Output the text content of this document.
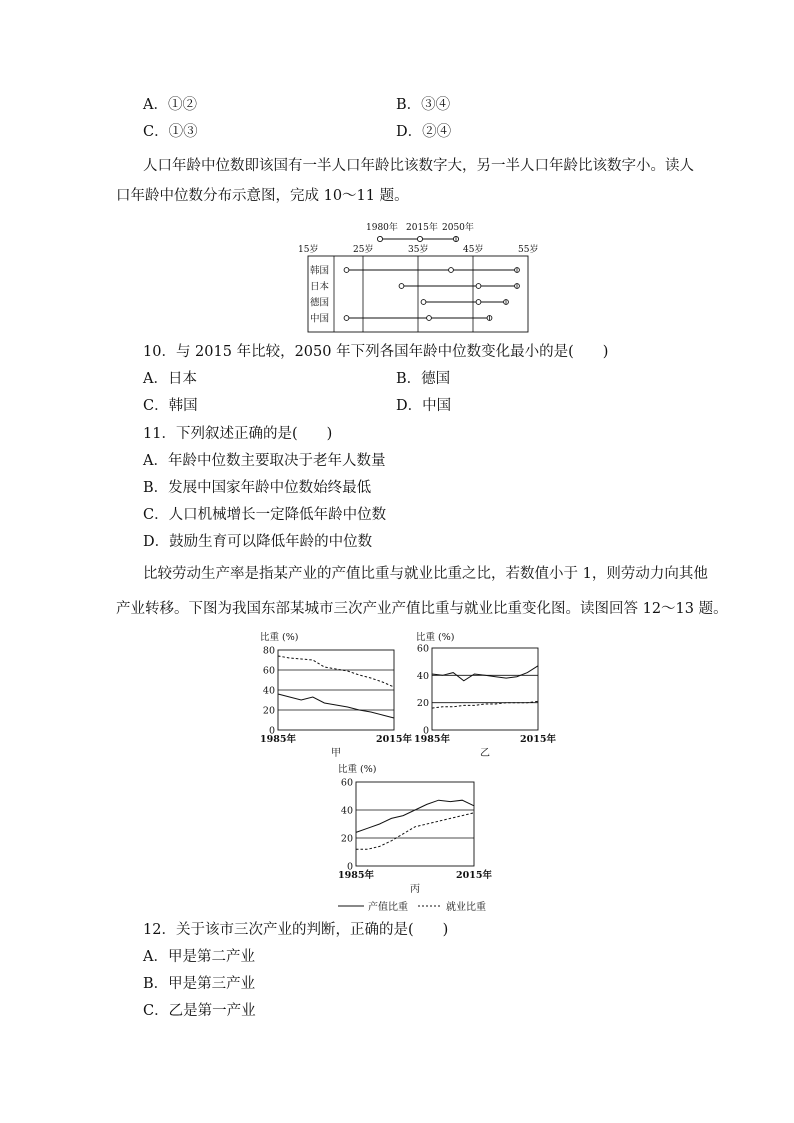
A．①②	B．③④
C．①③	D．②④
人口年龄中位数即该国有一半人口年龄比该数字大，另一半人口年龄比该数字小。读人
口年龄中位数分布示意图，完成 10～11 题。
1980年 2015年 2050年
15岁	25岁	35岁	45岁	55岁
韩国
日本
德国
中国
10．与 2015 年比较，2050 年下列各国年龄中位数变化最小的是(　　)
A．日本	B．德国
C．韩国	D．中国
11．下列叙述正确的是(　　)
A．年龄中位数主要取决于老年人数量
B．发展中国家年龄中位数始终最低
C．人口机械增长一定降低年龄中位数
D．鼓励生育可以降低年龄的中位数
比较劳动生产率是指某产业的产值比重与就业比重之比，若数值小于 1，则劳动力向其他
产业转移。下图为我国东部某城市三次产业产值比重与就业比重变化图。读图回答 12～13 题。
比重 (%)
0
20
40
60
80
1985年	2015年
甲
比重 (%)
0
20
40
60
1985年	2015年
乙
比重 (%)
0
20
40
60
1985年	2015年
丙
产值比重	就业比重
12．关于该市三次产业的判断，正确的是(　　)
A．甲是第二产业
B．甲是第三产业
C．乙是第一产业
